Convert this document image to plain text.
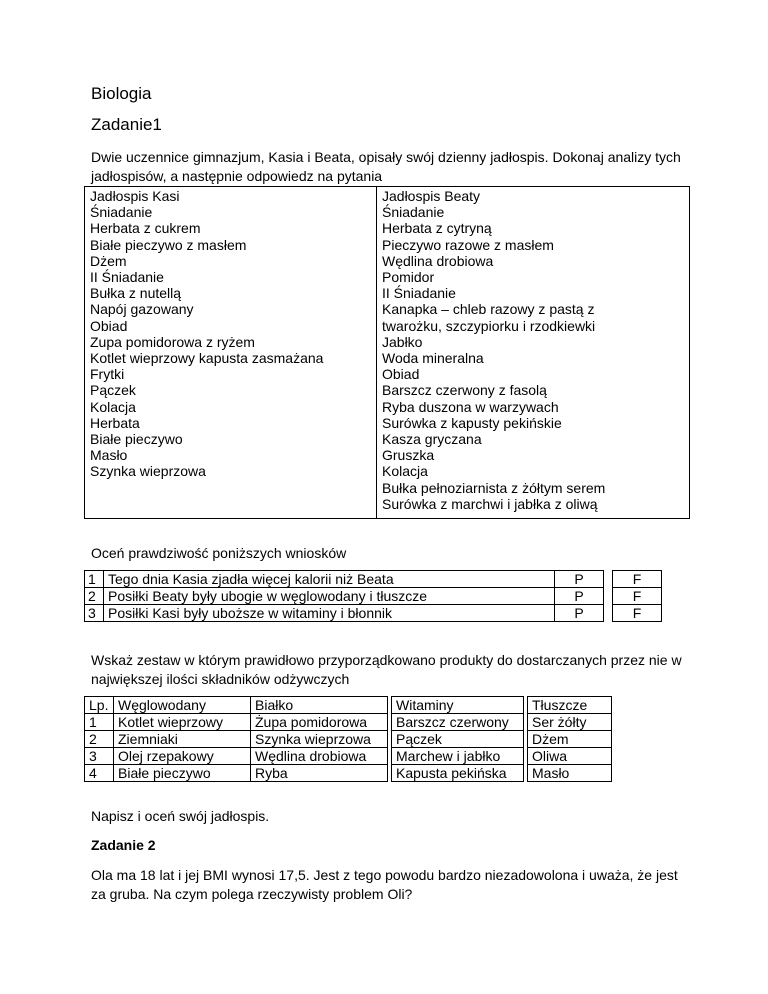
Biologia
Zadanie1
Dwie uczennice gimnazjum, Kasia i Beata, opisały swój dzienny jadłospis. Dokonaj analizy tych jadłospisów, a następnie odpowiedz na pytania
Jadłospis Kasi
Śniadanie
Herbata z cukrem
Białe pieczywo z masłem
Dżem
II Śniadanie
Bułka z nutellą
Napój gazowany
Obiad
Zupa pomidorowa z ryżem
Kotlet wieprzowy kapusta zasmażana
Frytki
Pączek
Kolacja
Herbata
Białe pieczywo
Masło
Szynka wieprzowa

Jadłospis Beaty
Śniadanie
Herbata z cytryną
Pieczywo razowe z masłem
Wędlina drobiowa
Pomidor
II Śniadanie
Kanapka – chleb razowy z pastą z
twarożku, szczypiorku i rzodkiewki
Jabłko
Woda mineralna
Obiad
Barszcz czerwony z fasolą
Ryba duszona w warzywach
Surówka z kapusty pekińskie
Kasza gryczana
Gruszka
Kolacja
Bułka pełnoziarnista z żółtym serem
Surówka z marchwi i jabłka z oliwą
Oceń prawdziwość poniższych wniosków
1	Tego dnia Kasia zjadła więcej kalorii niż Beata	P		F
2	Posiłki Beaty były ubogie w węglowodany i tłuszcze	P		F
3	Posiłki Kasi były uboższe w witaminy i błonnik	P		F
Wskaż zestaw w którym prawidłowo przyporządkowano produkty do dostarczanych przez nie w największej ilości składników odżywczych
Lp.	Węglowodany	Białko		Witaminy		Tłuszcze
1	Kotlet wieprzowy	Żupa pomidorowa		Barszcz czerwony		Ser żółty
2	Ziemniaki	Szynka wieprzowa		Pączek		Dżem
3	Olej rzepakowy	Wędlina drobiowa		Marchew i jabłko		Oliwa
4	Białe pieczywo	Ryba		Kapusta pekińska		Masło
Napisz i oceń swój jadłospis.
Zadanie 2
Ola ma 18 lat i jej BMI wynosi 17,5. Jest z tego powodu bardzo niezadowolona i uważa, że jest za gruba. Na czym polega rzeczywisty problem Oli?
